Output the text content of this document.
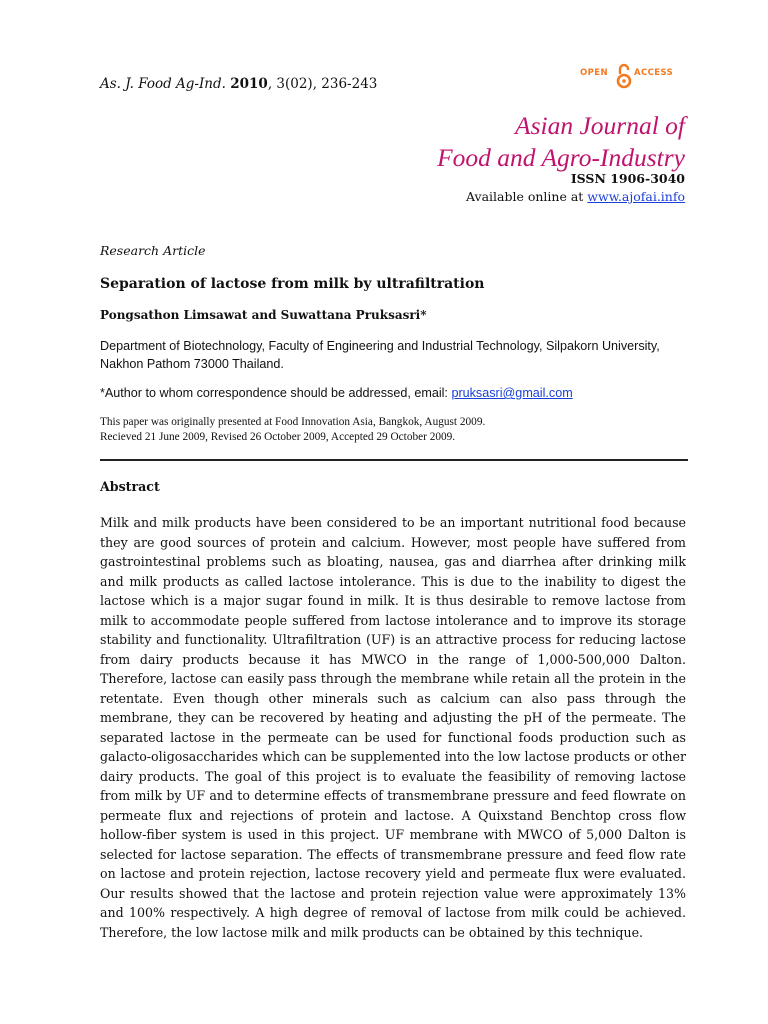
As. J. Food Ag-Ind. 2010, 3(02), 236-243
OPEN	ACCESS
Asian Journal of
Food and Agro-Industry
ISSN 1906-3040
Available online at www.ajofai.info
Research Article
Separation of lactose from milk by ultrafiltration
Pongsathon Limsawat and Suwattana Pruksasri*
Department of Biotechnology, Faculty of Engineering and Industrial Technology, Silpakorn University, Nakhon Pathom 73000 Thailand.
*Author to whom correspondence should be addressed, email: pruksasri@gmail.com
This paper was originally presented at Food Innovation Asia, Bangkok, August 2009.
Recieved 21 June 2009, Revised 26 October 2009, Accepted 29 October 2009.
Abstract
Milk and milk products have been considered to be an important nutritional food because they are good sources of protein and calcium. However, most people have suffered from gastrointestinal problems such as bloating, nausea, gas and diarrhea after drinking milk and milk products as called lactose intolerance. This is due to the inability to digest the lactose which is a major sugar found in milk. It is thus desirable to remove lactose from milk to accommodate people suffered from lactose intolerance and to improve its storage stability and functionality. Ultrafiltration (UF) is an attractive process for reducing lactose from dairy products because it has MWCO in the range of 1,000-500,000 Dalton. Therefore, lactose can easily pass through the membrane while retain all the protein in the retentate. Even though other minerals such as calcium can also pass through the membrane, they can be recovered by heating and adjusting the pH of the permeate. The separated lactose in the permeate can be used for functional foods production such as galacto-oligosaccharides which can be supplemented into the low lactose products or other dairy products. The goal of this project is to evaluate the feasibility of removing lactose from milk by UF and to determine effects of transmembrane pressure and feed flowrate on permeate flux and rejections of protein and lactose. A Quixstand Benchtop cross flow hollow-fiber system is used in this project. UF membrane with MWCO of 5,000 Dalton is selected for lactose separation. The effects of transmembrane pressure and feed flow rate on lactose and protein rejection, lactose recovery yield and permeate flux were evaluated. Our results showed that the lactose and protein rejection value were approximately 13% and 100% respectively. A high degree of removal of lactose from milk could be achieved. Therefore, the low lactose milk and milk products can be obtained by this technique.
